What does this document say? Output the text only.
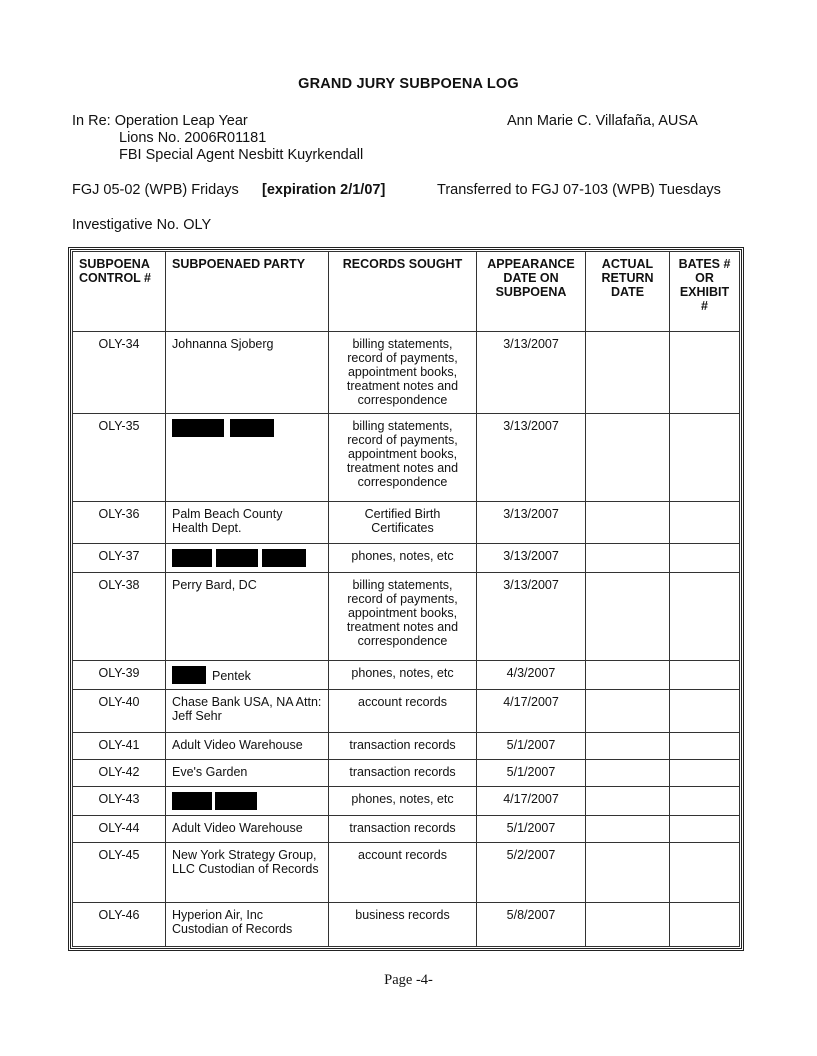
GRAND JURY SUBPOENA LOG
In Re: Operation Leap Year
Lions No. 2006R01181
FBI Special Agent Nesbitt Kuyrkendall
Ann Marie C. Villafaña, AUSA
FGJ 05-02 (WPB) Fridays [expiration 2/1/07]	Transferred to FGJ 07-103 (WPB) Tuesdays
Investigative No. OLY
SUBPOENA CONTROL #	SUBPOENAED PARTY	RECORDS SOUGHT	APPEARANCE DATE ON SUBPOENA	ACTUAL RETURN DATE	BATES # OR EXHIBIT #
OLY-34	Johnanna Sjoberg	billing statements, record of payments, appointment books, treatment notes and correspondence	3/13/2007		
OLY-35		billing statements, record of payments, appointment books, treatment notes and correspondence	3/13/2007		
OLY-36	Palm Beach County Health Dept.	Certified Birth Certificates	3/13/2007		
OLY-37		phones, notes, etc	3/13/2007		
OLY-38	Perry Bard, DC	billing statements, record of payments, appointment books, treatment notes and correspondence	3/13/2007		
OLY-39	Pentek	phones, notes, etc	4/3/2007		
OLY-40	Chase Bank USA, NA Attn: Jeff Sehr	account records	4/17/2007		
OLY-41	Adult Video Warehouse	transaction records	5/1/2007		
OLY-42	Eve's Garden	transaction records	5/1/2007		
OLY-43		phones, notes, etc	4/17/2007		
OLY-44	Adult Video Warehouse	transaction records	5/1/2007		
OLY-45	New York Strategy Group, LLC Custodian of Records	account records	5/2/2007		
OLY-46	Hyperion Air, Inc Custodian of Records	business records	5/8/2007		
Page -4-
